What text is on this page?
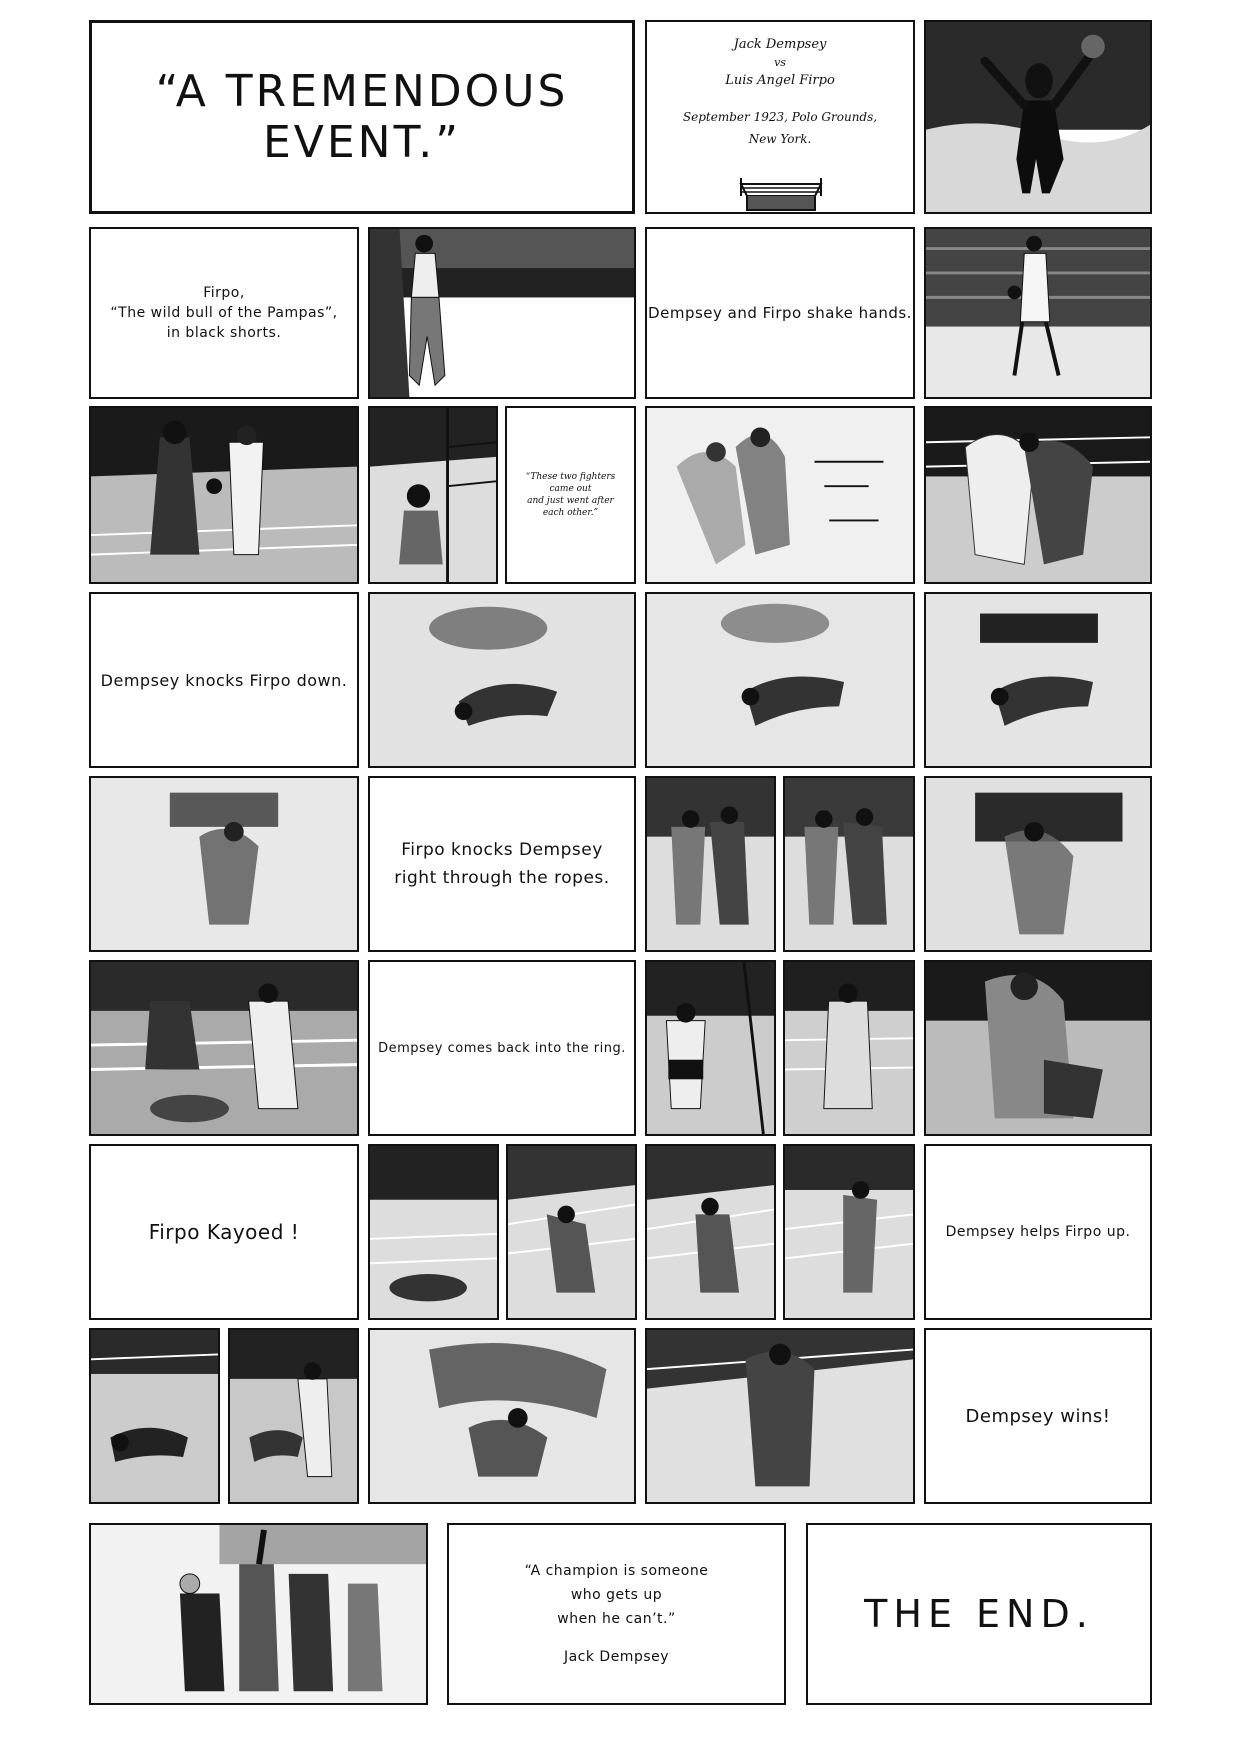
“A TREMENDOUS EVENT.”
Jack Dempsey
vs
Luis Angel Firpo
September 1923, Polo Grounds,
New York.
Firpo,
“The wild bull of the Pampas”,
in black shorts.
Dempsey and Firpo shake hands.
“These two fighters came out
and just went after
each other.”
Dempsey knocks Firpo down.
Firpo knocks Dempsey
right through the ropes.
Dempsey comes back into the ring.
Firpo Kayoed !	Dempsey helps Firpo up.
Dempsey wins!
“A champion is someone
who gets up
when he can’t.”
Jack Dempsey
THE END.
